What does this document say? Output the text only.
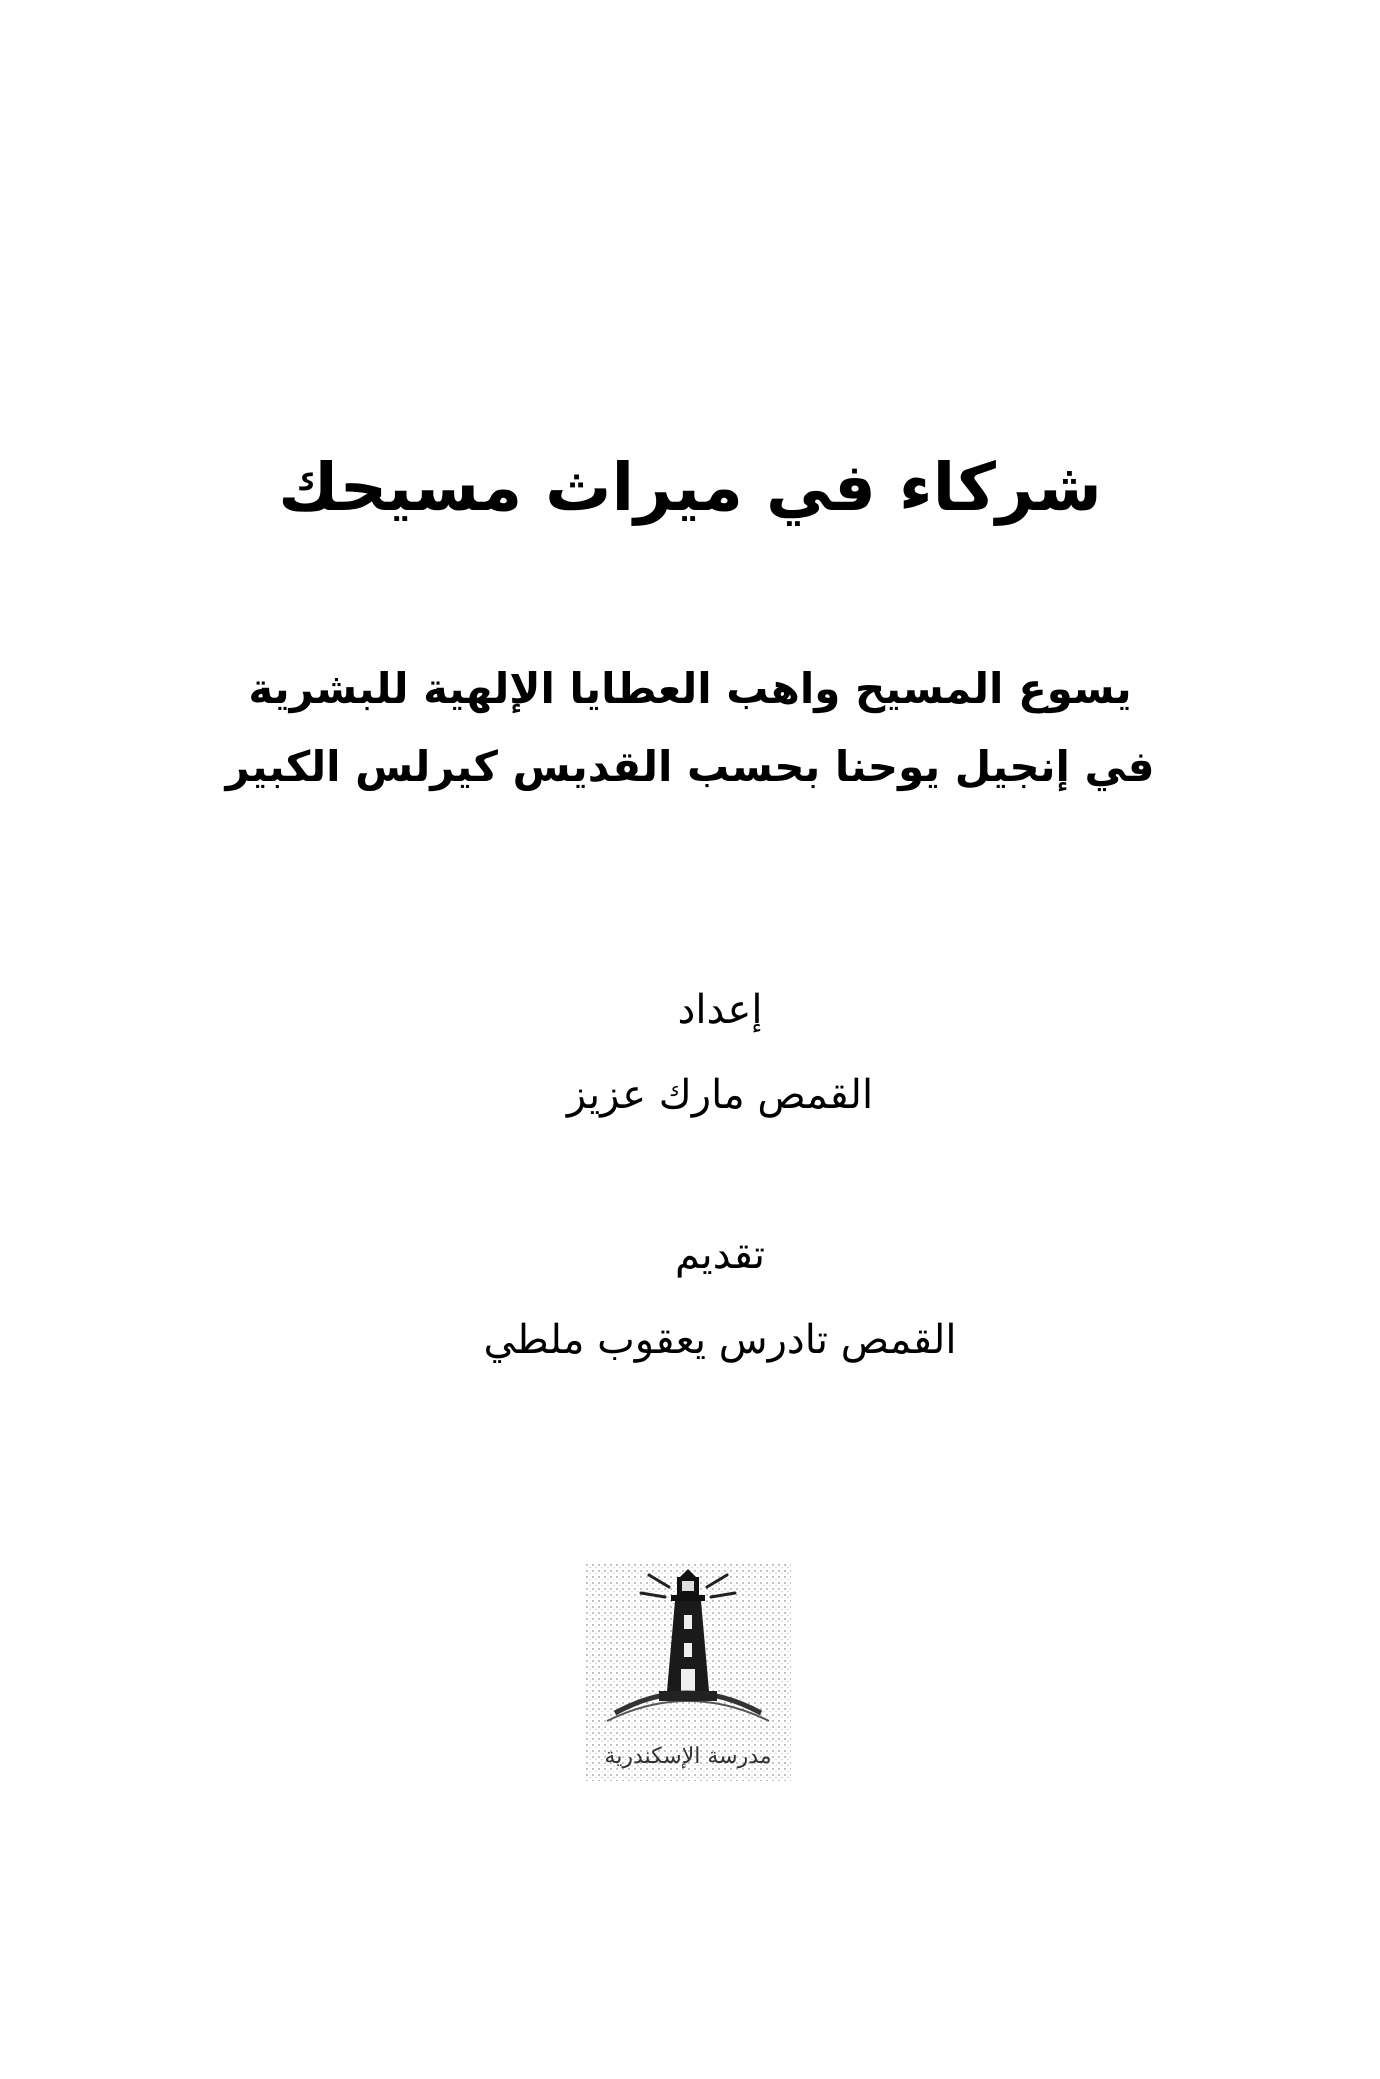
شركاء في ميراث مسيحك
يسوع المسيح واهب العطايا الإلهية للبشرية
في إنجيل يوحنا بحسب القديس كيرلس الكبير
إعداد
القمص مارك عزيز
تقديم
القمص تادرس يعقوب ملطي
مدرسة الإسكندرية
